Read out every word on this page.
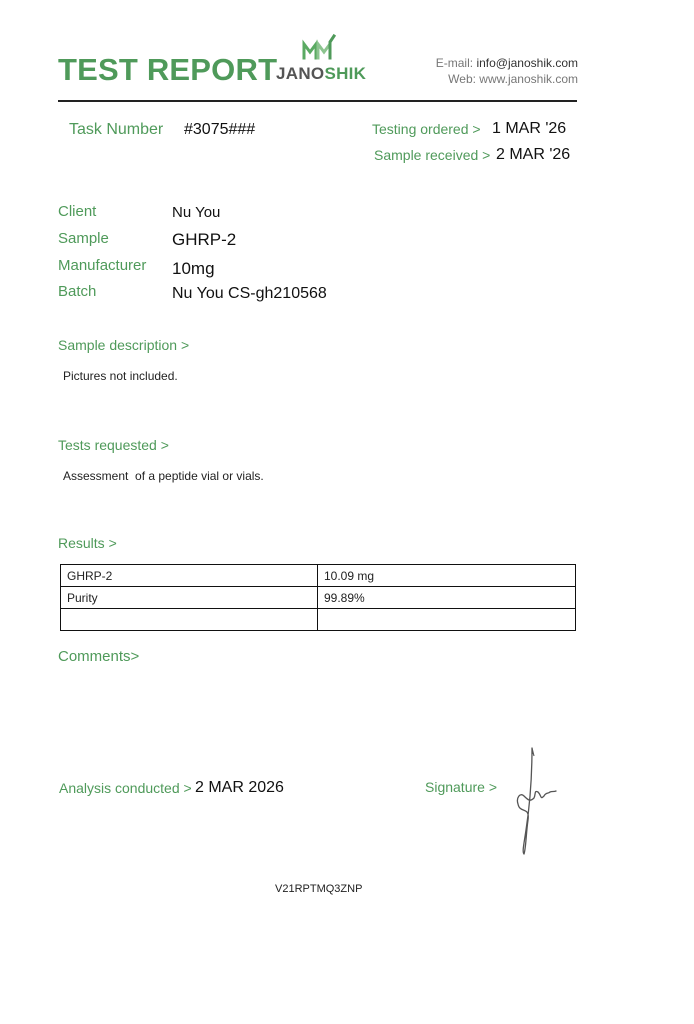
TEST REPORT
JANOSHIK
E-mail: info@janoshik.com
Web: www.janoshik.com
Task Number #3075###	Testing ordered > 1 MAR '26
Sample received > 2 MAR '26
Client	Nu You
Sample	GHRP-2
Manufacturer 10mg
Batch	Nu You CS-gh210568
Sample description >
Pictures not included.
Tests requested >
Assessment  of a peptide vial or vials.
Results >
GHRP-2	10.09 mg
Purity	99.89%

Comments>
Analysis conducted > 2 MAR 2026	Signature >
V21RPTMQ3ZNP
